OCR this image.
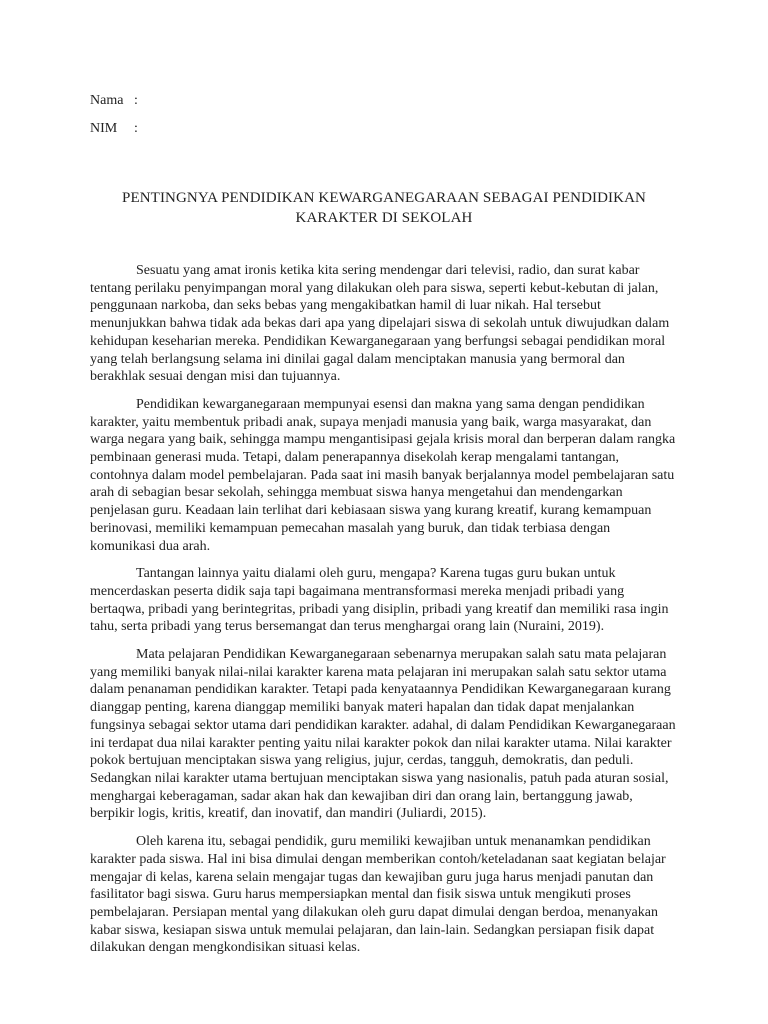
Nama :
NIM	:
PENTINGNYA PENDIDIKAN KEWARGANEGARAAN SEBAGAI PENDIDIKAN KARAKTER DI SEKOLAH

Sesuatu yang amat ironis ketika kita sering mendengar dari televisi, radio, dan surat kabar tentang perilaku penyimpangan moral yang dilakukan oleh para siswa, seperti kebut-kebutan di jalan, penggunaan narkoba, dan seks bebas yang mengakibatkan hamil di luar nikah. Hal tersebut menunjukkan bahwa tidak ada bekas dari apa yang dipelajari siswa di sekolah untuk diwujudkan dalam kehidupan keseharian mereka. Pendidikan Kewarganegaraan yang berfungsi sebagai pendidikan moral yang telah berlangsung selama ini dinilai gagal dalam menciptakan manusia yang bermoral dan berakhlak sesuai dengan misi dan tujuannya.

Pendidikan kewarganegaraan mempunyai esensi dan makna yang sama dengan pendidikan karakter, yaitu membentuk pribadi anak, supaya menjadi manusia yang baik, warga masyarakat, dan warga negara yang baik, sehingga mampu mengantisipasi gejala krisis moral dan berperan dalam rangka pembinaan generasi muda. Tetapi, dalam penerapannya disekolah kerap mengalami tantangan, contohnya dalam model pembelajaran. Pada saat ini masih banyak berjalannya model pembelajaran satu arah di sebagian besar sekolah, sehingga membuat siswa hanya mengetahui dan mendengarkan penjelasan guru. Keadaan lain terlihat dari kebiasaan siswa yang kurang kreatif, kurang kemampuan berinovasi, memiliki kemampuan pemecahan masalah yang buruk, dan tidak terbiasa dengan komunikasi dua arah.

Tantangan lainnya yaitu dialami oleh guru, mengapa? Karena tugas guru bukan untuk mencerdaskan peserta didik saja tapi bagaimana mentransformasi mereka menjadi pribadi yang bertaqwa, pribadi yang berintegritas, pribadi yang disiplin, pribadi yang kreatif dan memiliki rasa ingin tahu, serta pribadi yang terus bersemangat dan terus menghargai orang lain (Nuraini, 2019).

Mata pelajaran Pendidikan Kewarganegaraan sebenarnya merupakan salah satu mata pelajaran yang memiliki banyak nilai-nilai karakter karena mata pelajaran ini merupakan salah satu sektor utama dalam penanaman pendidikan karakter. Tetapi pada kenyataannya Pendidikan Kewarganegaraan kurang dianggap penting, karena dianggap memiliki banyak materi hapalan dan tidak dapat menjalankan fungsinya sebagai sektor utama dari pendidikan karakter. adahal, di dalam Pendidikan Kewarganegaraan ini terdapat dua nilai karakter penting yaitu nilai karakter pokok dan nilai karakter utama. Nilai karakter pokok bertujuan menciptakan siswa yang religius, jujur, cerdas, tangguh, demokratis, dan peduli. Sedangkan nilai karakter utama bertujuan menciptakan siswa yang nasionalis, patuh pada aturan sosial, menghargai keberagaman, sadar akan hak dan kewajiban diri dan orang lain, bertanggung jawab, berpikir logis, kritis, kreatif, dan inovatif, dan mandiri (Juliardi, 2015).

Oleh karena itu, sebagai pendidik, guru memiliki kewajiban untuk menanamkan pendidikan karakter pada siswa. Hal ini bisa dimulai dengan memberikan contoh/keteladanan saat kegiatan belajar mengajar di kelas, karena selain mengajar tugas dan kewajiban guru juga harus menjadi panutan dan fasilitator bagi siswa. Guru harus mempersiapkan mental dan fisik siswa untuk mengikuti proses pembelajaran. Persiapan mental yang dilakukan oleh guru dapat dimulai dengan berdoa, menanyakan kabar siswa, kesiapan siswa untuk memulai pelajaran, dan lain-lain. Sedangkan persiapan fisik dapat dilakukan dengan mengkondisikan situasi kelas.
